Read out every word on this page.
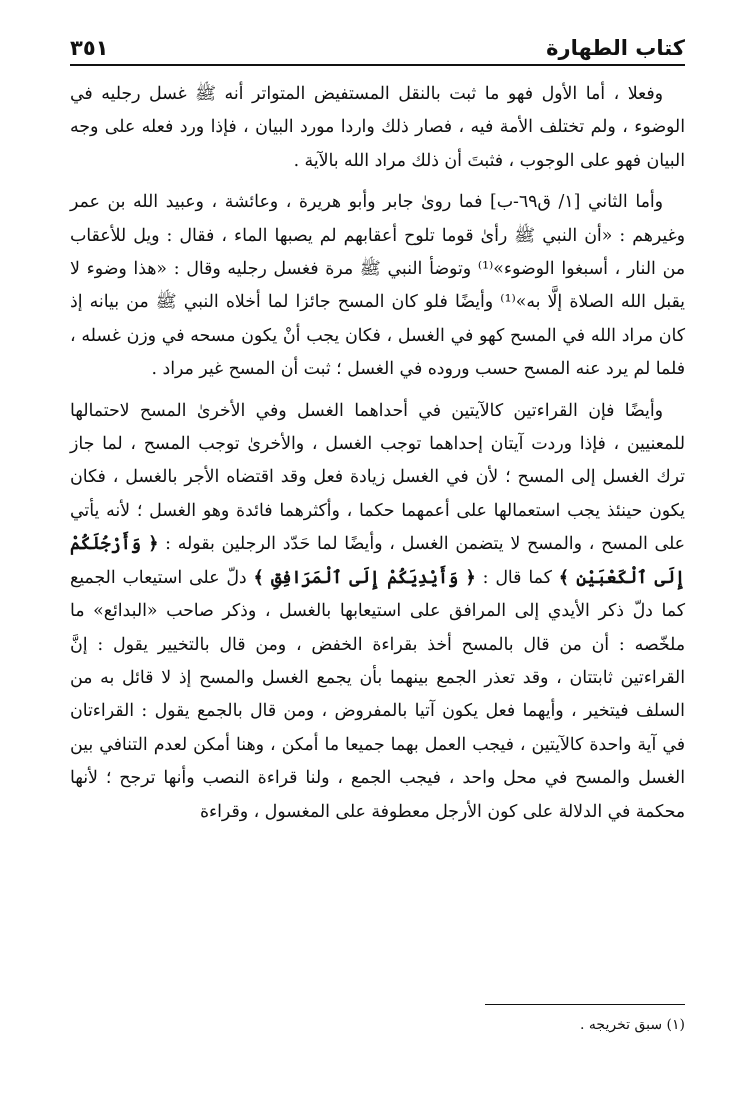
كتاب الطهارة
٣٥١

وفعلا ، أما الأول فهو ما ثبت بالنقل المستفيض المتواتر أنه ﷺ غسل رجليه في الوضوء ، ولم تختلف الأمة فيه ، فصار ذلك واردا مورد البيان ، فإذا ورد فعله على وجه البيان فهو على الوجوب ، فثبتَ أن ذلك مراد الله بالآية .

وأما الثاني [١/ ق٦٩-ب] فما روىٰ جابر وأبو هريرة ، وعائشة ، وعبيد الله بن عمر وغيرهم : «أن النبي ﷺ رأىٰ قوما تلوح أعقابهم لم يصبها الماء ، فقال : ويل للأعقاب من النار ، أسبغوا الوضوء»⁽¹⁾ وتوضأ النبي ﷺ مرة فغسل رجليه وقال : «هذا وضوء لا يقبل الله الصلاة إلَّا به»⁽¹⁾ وأيضًا فلو كان المسح جائزا لما أخلاه النبي ﷺ من بيانه إذ كان مراد الله في المسح كهو في الغسل ، فكان يجب أنْ يكون مسحه في وزن غسله ، فلما لم يرد عنه المسح حسب وروده في الغسل ؛ ثبت أن المسح غير مراد .

وأيضًا فإن القراءتين كالآيتين في أحداهما الغسل وفي الأخرىٰ المسح لاحتمالها للمعنيين ، فإذا وردت آيتان إحداهما توجب الغسل ، والأخرىٰ توجب المسح ، لما جاز ترك الغسل إلى المسح ؛ لأن في الغسل زيادة فعل وقد اقتضاه الأجر بالغسل ، فكان يكون حينئذ يجب استعمالها على أعمهما حكما ، وأكثرهما فائدة وهو الغسل ؛ لأنه يأتي على المسح ، والمسح لا يتضمن الغسل ، وأيضًا لما حَدّد الرجلين بقوله : ﴿ وَأَرْجُلَكُمْ إِلَى ٱلْكَعْبَيْنِ ﴾ كما قال : ﴿ وَأَيْدِيَكُمْ إِلَى ٱلْمَرَافِقِ ﴾ دلّ على استيعاب الجميع كما دلّ ذكر الأيدي إلى المرافق على استيعابها بالغسل ، وذكر صاحب «البدائع» ما ملخّصه : أن من قال بالمسح أخذ بقراءة الخفض ، ومن قال بالتخيير يقول : إنَّ القراءتين ثابتتان ، وقد تعذر الجمع بينهما بأن يجمع الغسل والمسح إذ لا قائل به من السلف فيتخير ، وأيهما فعل يكون آتيا بالمفروض ، ومن قال بالجمع يقول : القراءتان في آية واحدة كالآيتين ، فيجب العمل بهما جميعا ما أمكن ، وهنا أمكن لعدم التنافي بين الغسل والمسح في محل واحد ، فيجب الجمع ، ولنا قراءة النصب وأنها ترجح ؛ لأنها محكمة في الدلالة على كون الأرجل معطوفة على المغسول ، وقراءة

(١) سبق تخريجه .
